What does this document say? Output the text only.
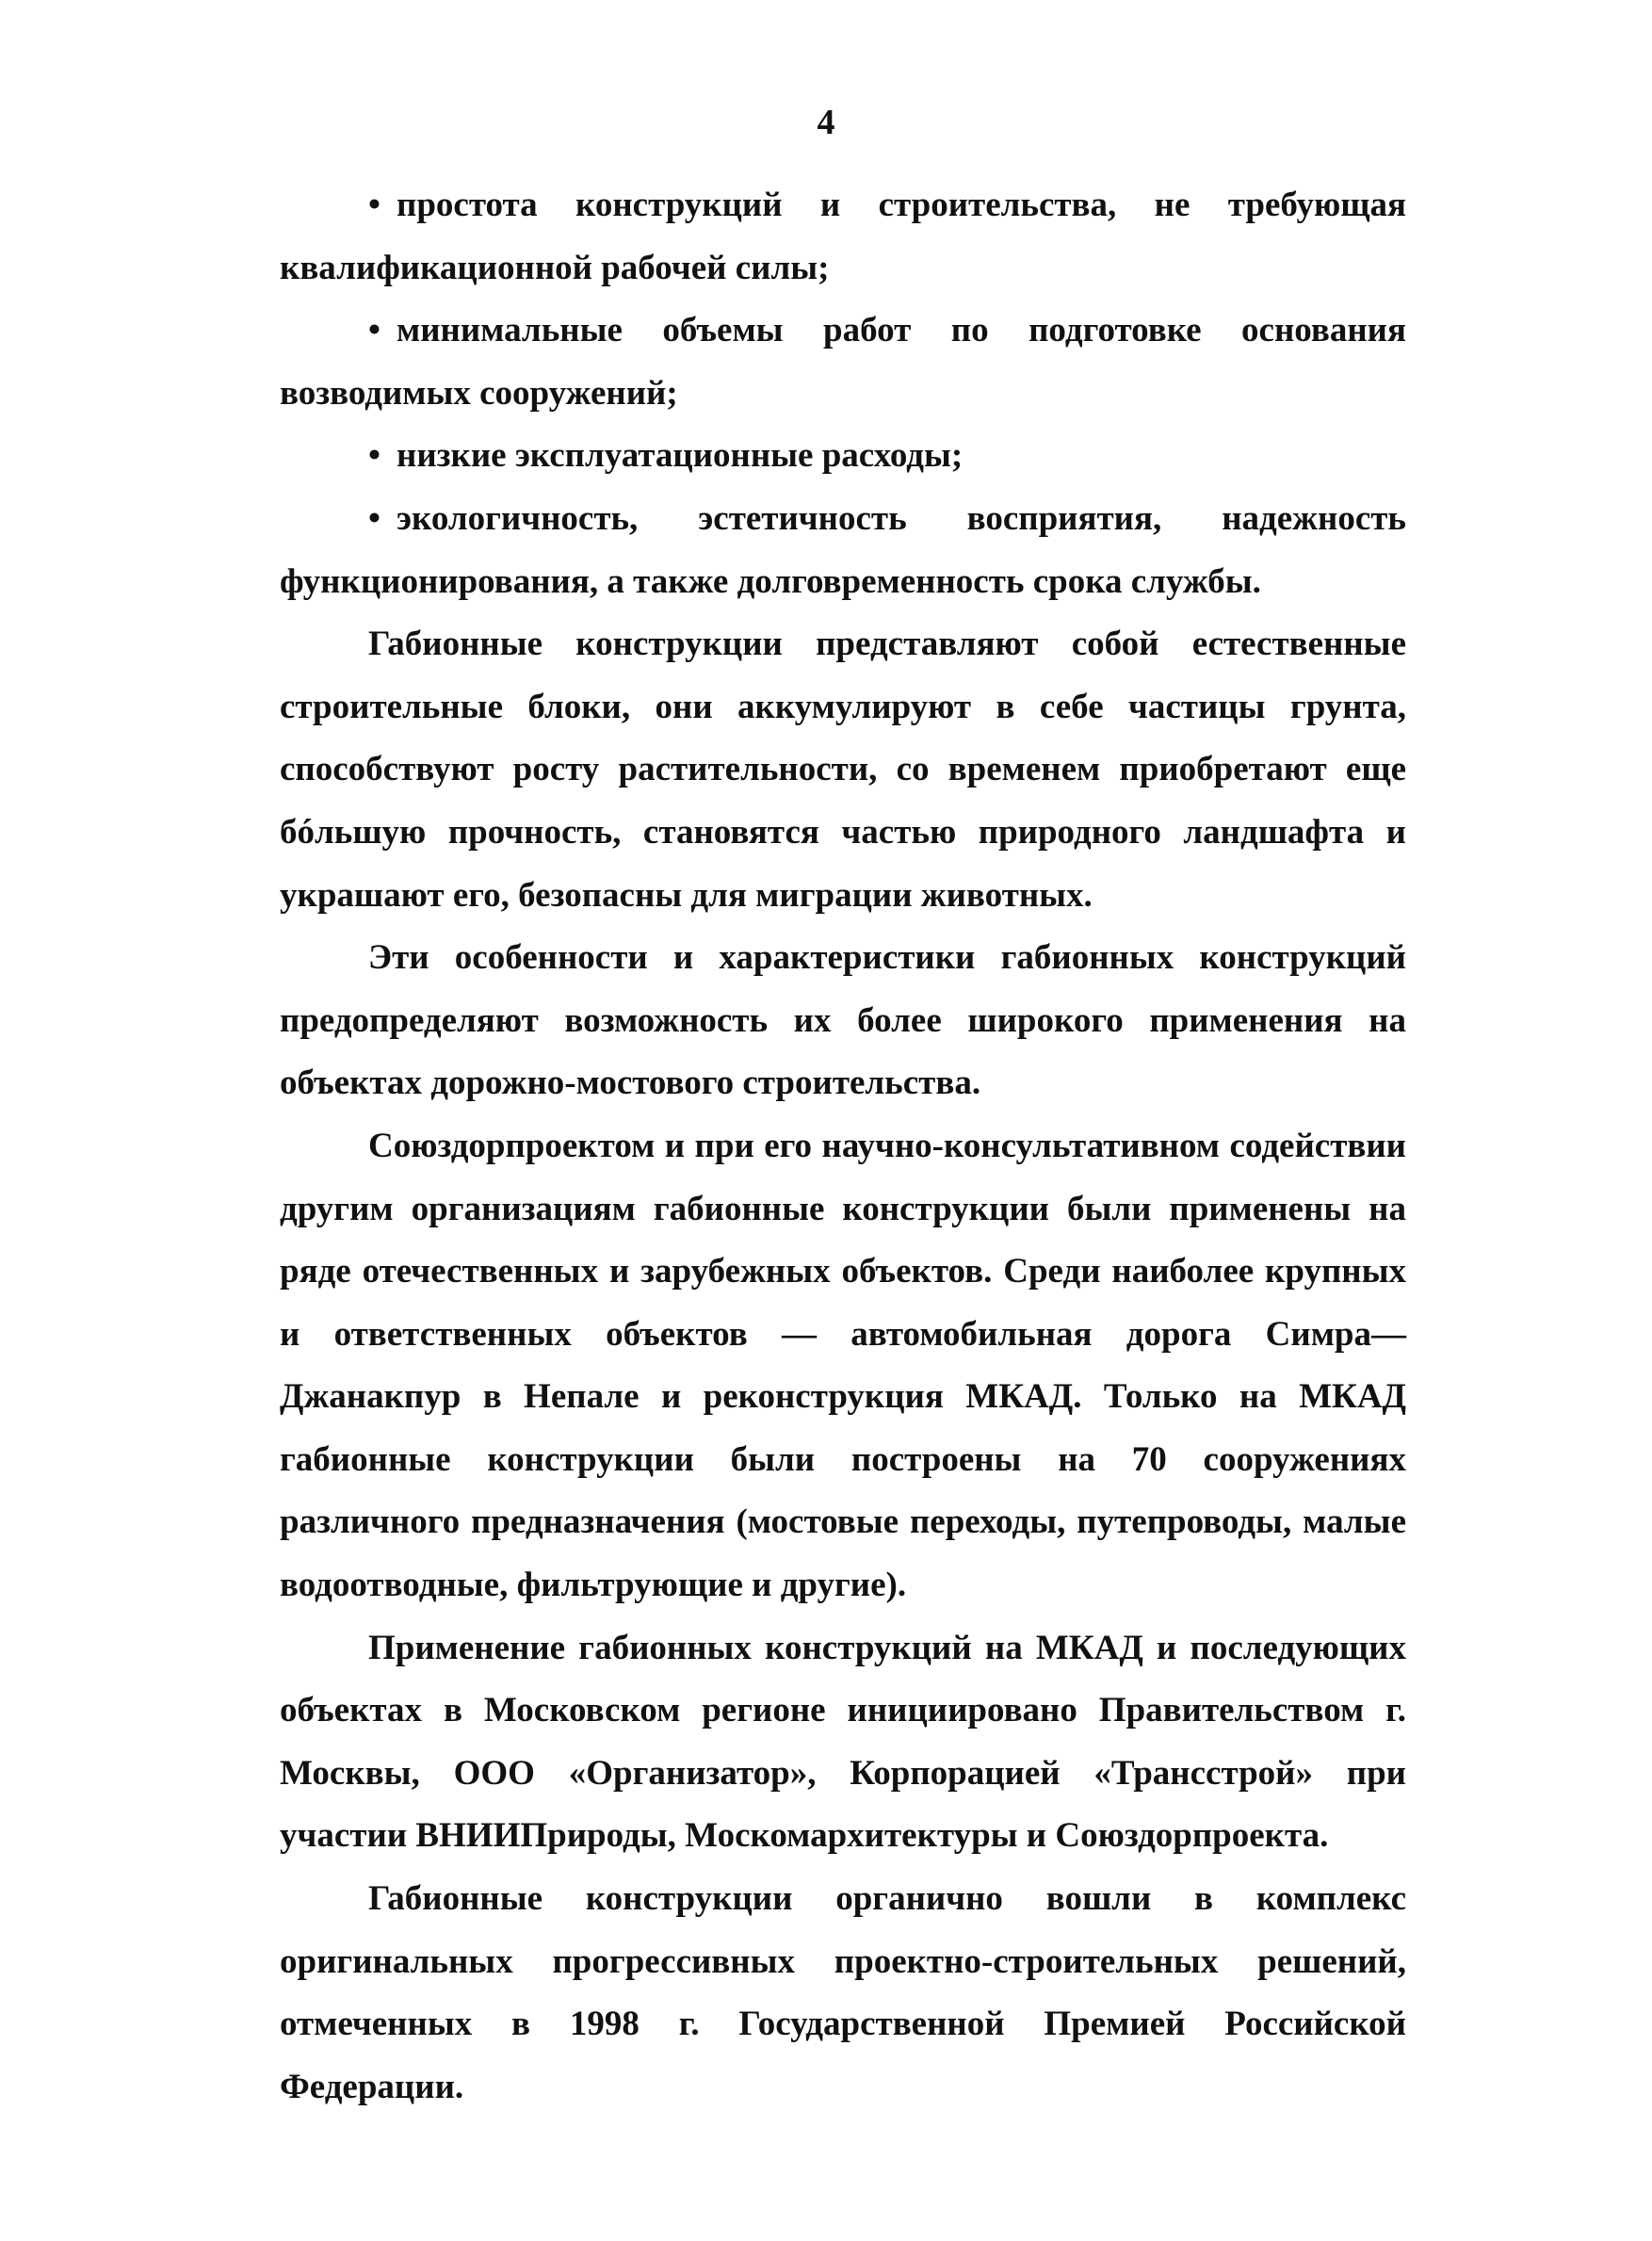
4

• простота конструкций и строительства, не требующая квалификационной рабочей силы;

• минимальные объемы работ по подготовке основания возводимых сооружений;

• низкие эксплуатационные расходы;

• экологичность, эстетичность восприятия, надежность функционирования, а также долговременность срока службы.

Габионные конструкции представляют собой естественные строительные блоки, они аккумулируют в себе частицы грунта, способствуют росту растительности, со временем приобретают еще бóльшую прочность, становятся частью природного ландшафта и украшают его, безопасны для миграции животных.

Эти особенности и характеристики габионных конструкций предопределяют возможность их более широкого применения на объектах дорожно-мостового строительства.

Союздорпроектом и при его научно-консультативном содействии другим организациям габионные конструкции были применены на ряде отечественных и зарубежных объектов. Среди наиболее крупных и ответственных объектов — автомобильная дорога Симра—Джанакпур в Непале и реконструкция МКАД. Только на МКАД габионные конструкции были построены на 70 сооружениях различного предназначения (мостовые переходы, путепроводы, малые водоотводные, фильтрующие и другие).

Применение габионных конструкций на МКАД и последующих объектах в Московском регионе инициировано Правительством г. Москвы, ООО «Организатор», Корпорацией «Трансстрой» при участии ВНИИПрироды, Москомархитектуры и Союздорпроекта.

Габионные конструкции органично вошли в комплекс оригинальных прогрессивных проектно-строительных решений, отмеченных в 1998 г. Государственной Премией Российской Федерации.
